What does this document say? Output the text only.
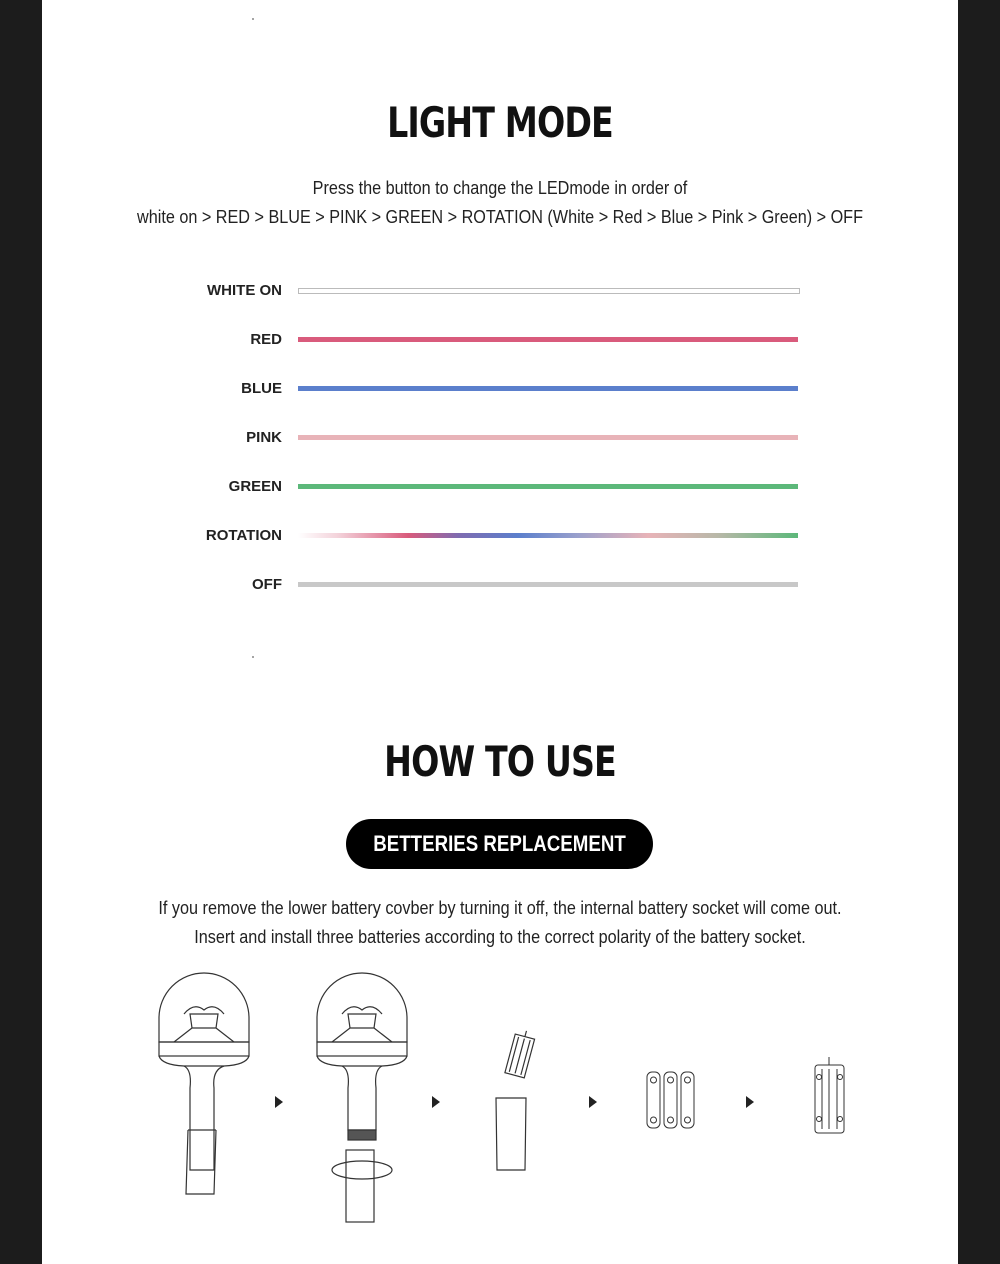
LIGHT MODE
Press the button to change the LEDmode in order of
white on > RED > BLUE > PINK > GREEN > ROTATION (White > Red > Blue > Pink > Green) > OFF
WHITE ON
RED
BLUE
PINK
GREEN
ROTATION
OFF
HOW TO USE
BETTERIES REPLACEMENT
If you remove the lower battery covber by turning it off, the internal battery socket will come out.
Insert and install three batteries according to the correct polarity of the battery socket.
